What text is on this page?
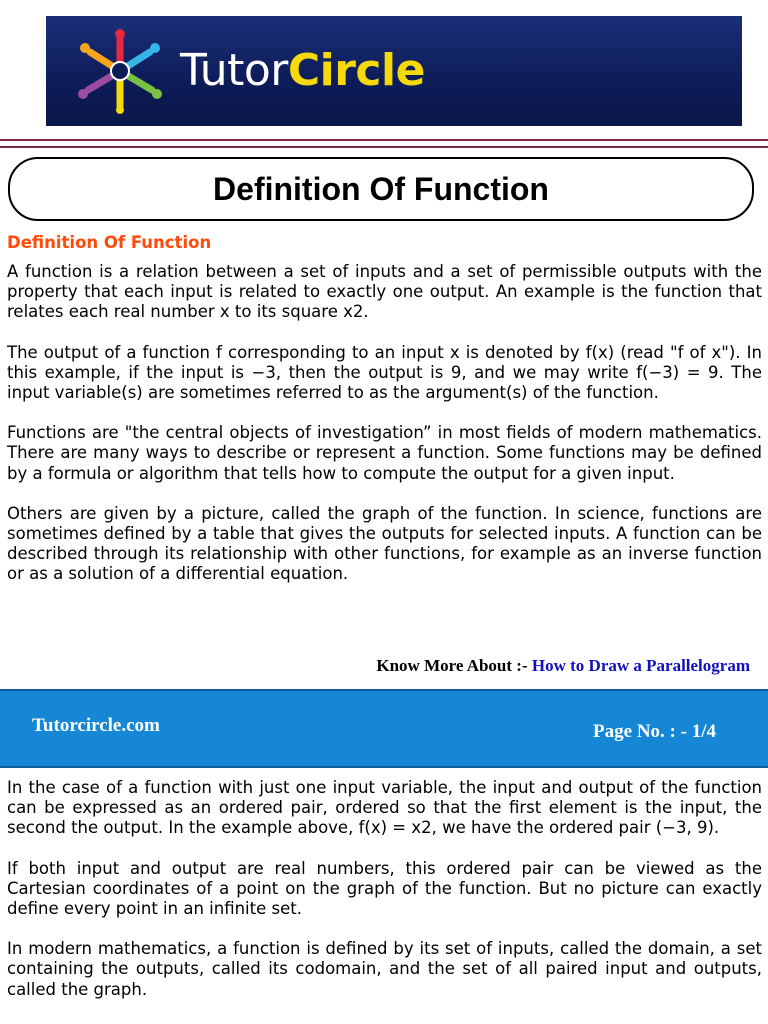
TutorCircle
Definition Of Function

Definition Of Function

A function is a relation between a set of inputs and a set of permissible outputs with the property that each input is related to exactly one output. An example is the function that relates each real number x to its square x2.

The output of a function f corresponding to an input x is denoted by f(x) (read "f of x"). In this example, if the input is −3, then the output is 9, and we may write f(−3) = 9. The input variable(s) are sometimes referred to as the argument(s) of the function.

Functions are "the central objects of investigation” in most fields of modern mathematics. There are many ways to describe or represent a function. Some functions may be defined by a formula or algorithm that tells how to compute the output for a given input.

Others are given by a picture, called the graph of the function. In science, functions are sometimes defined by a table that gives the outputs for selected inputs. A function can be described through its relationship with other functions, for example as an inverse function or as a solution of a differential equation.

Know More About :- How to Draw a Parallelogram
Tutorcircle.com	Page No. : - 1/4

In the case of a function with just one input variable, the input and output of the function can be expressed as an ordered pair, ordered so that the first element is the input, the second the output. In the example above, f(x) = x2, we have the ordered pair (−3, 9).

If both input and output are real numbers, this ordered pair can be viewed as the Cartesian coordinates of a point on the graph of the function. But no picture can exactly define every point in an infinite set.

In modern mathematics, a function is defined by its set of inputs, called the domain, a set containing the outputs, called its codomain, and the set of all paired input and outputs, called the graph.
